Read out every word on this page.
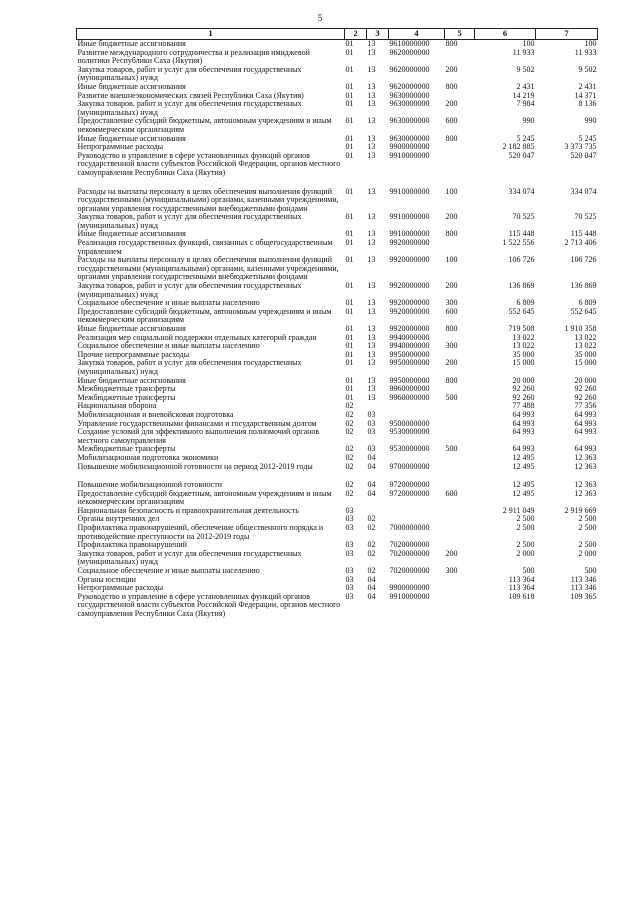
5
1	2	3	4	5	6	7
Иные бюджетные ассигнования	01	13	9610000000	800	100	100
Развитие международного сотрудничества и реализация имиджевой политики Республики Саха (Якутия)	01	13	9620000000		11 933	11 933
Закупка товаров, работ и услуг для обеспечения государственных (муниципальных) нужд	01	13	9620000000	200	9 502	9 502
Иные бюджетные ассигнования	01	13	9620000000	800	2 431	2 431
Развитие внешнеэкономических связей Республики Саха (Якутия)	01	13	9630000000		14 219	14 371
Закупка товаров, работ и услуг для обеспечения государственных (муниципальных) нужд	01	13	9630000000	200	7 984	8 136
Предоставление субсидий бюджетным, автономным учреждениям и иным некоммерческим организациям	01	13	9630000000	600	990	990
Иные бюджетные ассигнования	01	13	9630000000	800	5 245	5 245
Непрограммные расходы	01	13	9900000000		2 182 885	3 373 735
Руководство и управление в сфере установленных функций органов государственной власти субъектов Российской Федерации, органов местного самоуправления Республики Саха (Якутия)	01	13	9910000000		520 047	520 047
Расходы на выплаты персоналу в целях обеспечения выполнения функций государственными (муниципальными) органами, казенными учреждениями, органами управления государственными внебюджетными фондами	01	13	9910000000	100	334 074	334 074
Закупка товаров, работ и услуг для обеспечения государственных (муниципальных) нужд	01	13	9910000000	200	70 525	70 525
Иные бюджетные ассигнования	01	13	9910000000	800	115 448	115 448
Реализация государственных функций, связанных с общегосударственным управлением	01	13	9920000000		1 522 556	2 713 406
Расходы на выплаты персоналу в целях обеспечения выполнения функций государственными (муниципальными) органами, казенными учреждениями, органами управления государственными внебюджетными фондами	01	13	9920000000	100	106 726	106 726
Закупка товаров, работ и услуг для обеспечения государственных (муниципальных) нужд	01	13	9920000000	200	136 869	136 869
Социальное обеспечение и иные выплаты населению	01	13	9920000000	300	6 809	6 809
Предоставление субсидий бюджетным, автономным учреждениям и иным некоммерческим организациям	01	13	9920000000	600	552 645	552 645
Иные бюджетные ассигнования	01	13	9920000000	800	719 508	1 910 358
Реализация мер социальной поддержки отдельных категорий граждан	01	13	9940000000		13 022	13 022
Социальное обеспечение и иные выплаты населению	01	13	9940000000	300	13 022	13 022
Прочие непрограммные расходы	01	13	9950000000		35 000	35 000
Закупка товаров, работ и услуг для обеспечения государственных (муниципальных) нужд	01	13	9950000000	200	15 000	15 000
Иные бюджетные ассигнования	01	13	9950000000	800	20 000	20 000
Межбюджетные трансферты	01	13	9960000000		92 260	92 260
Межбюджетные трансферты	01	13	9960000000	500	92 260	92 260
Национальная оборона	02				77 488	77 356
Мобилизационная и вневойсковая подготовка	02	03			64 993	64 993
Управление государственными финансами и государственным долгом	02	03	9500000000		64 993	64 993
Создание условий для эффективного выполнения полномочий органов местного самоуправления	02	03	9530000000		64 993	64 993
Межбюджетные трансферты	02	03	9530000000	500	64 993	64 993
Мобилизационная подготовка экономики	02	04			12 495	12 363
Повышение мобилизационной готовности на период 2012-2019 годы	02	04	9700000000		12 495	12 363
Повышение мобилизационной готовности	02	04	9720000000		12 495	12 363
Предоставление субсидий бюджетным, автономным учреждениям и иным некоммерческим организациям	02	04	9720000000	600	12 495	12 363
Национальная безопасность и правоохранительная деятельность	03				2 911 049	2 919 669
Органы внутренних дел	03	02			2 500	2 500
Профилактика правонарушений, обеспечение общественного порядка и противодействие преступности на 2012-2019 годы	03	02	7000000000		2 500	2 500
Профилактика правонарушений	03	02	7020000000		2 500	2 500
Закупка товаров, работ и услуг для обеспечения государственных (муниципальных) нужд	03	02	7020000000	200	2 000	2 000
Социальное обеспечение и иные выплаты населению	03	02	7020000000	300	500	500
Органы юстиции	03	04			113 364	113 346
Непрограммные расходы	03	04	9900000000		113 364	113 346
Руководство и управление в сфере установленных функций органов государственной власти субъектов Российской Федерации, органов местного самоуправления Республики Саха (Якутия)	03	04	9910000000		109 618	109 365
